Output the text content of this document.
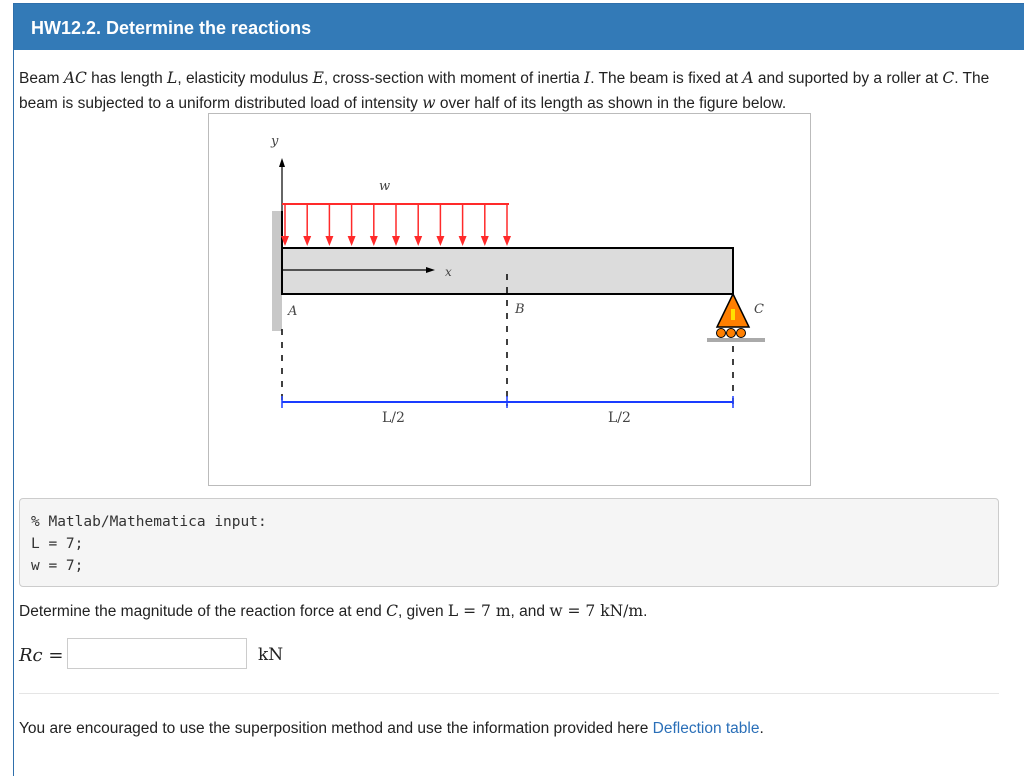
HW12.2. Determine the reactions
Beam AC has length L, elasticity modulus E, cross-section with moment of inertia I. The beam is fixed at A and suported by a roller at C. The beam is subjected to a uniform distributed load of intensity w over half of its length as shown in the figure below.
y
x
w
A	B	C
L/2	L/2
% Matlab/Mathematica input:
L = 7;
w = 7;
Determine the magnitude of the reaction force at end C, given L = 7 m, and w = 7 kN/m.
Rc =	kN
You are encouraged to use the superposition method and use the information provided here Deflection table.
